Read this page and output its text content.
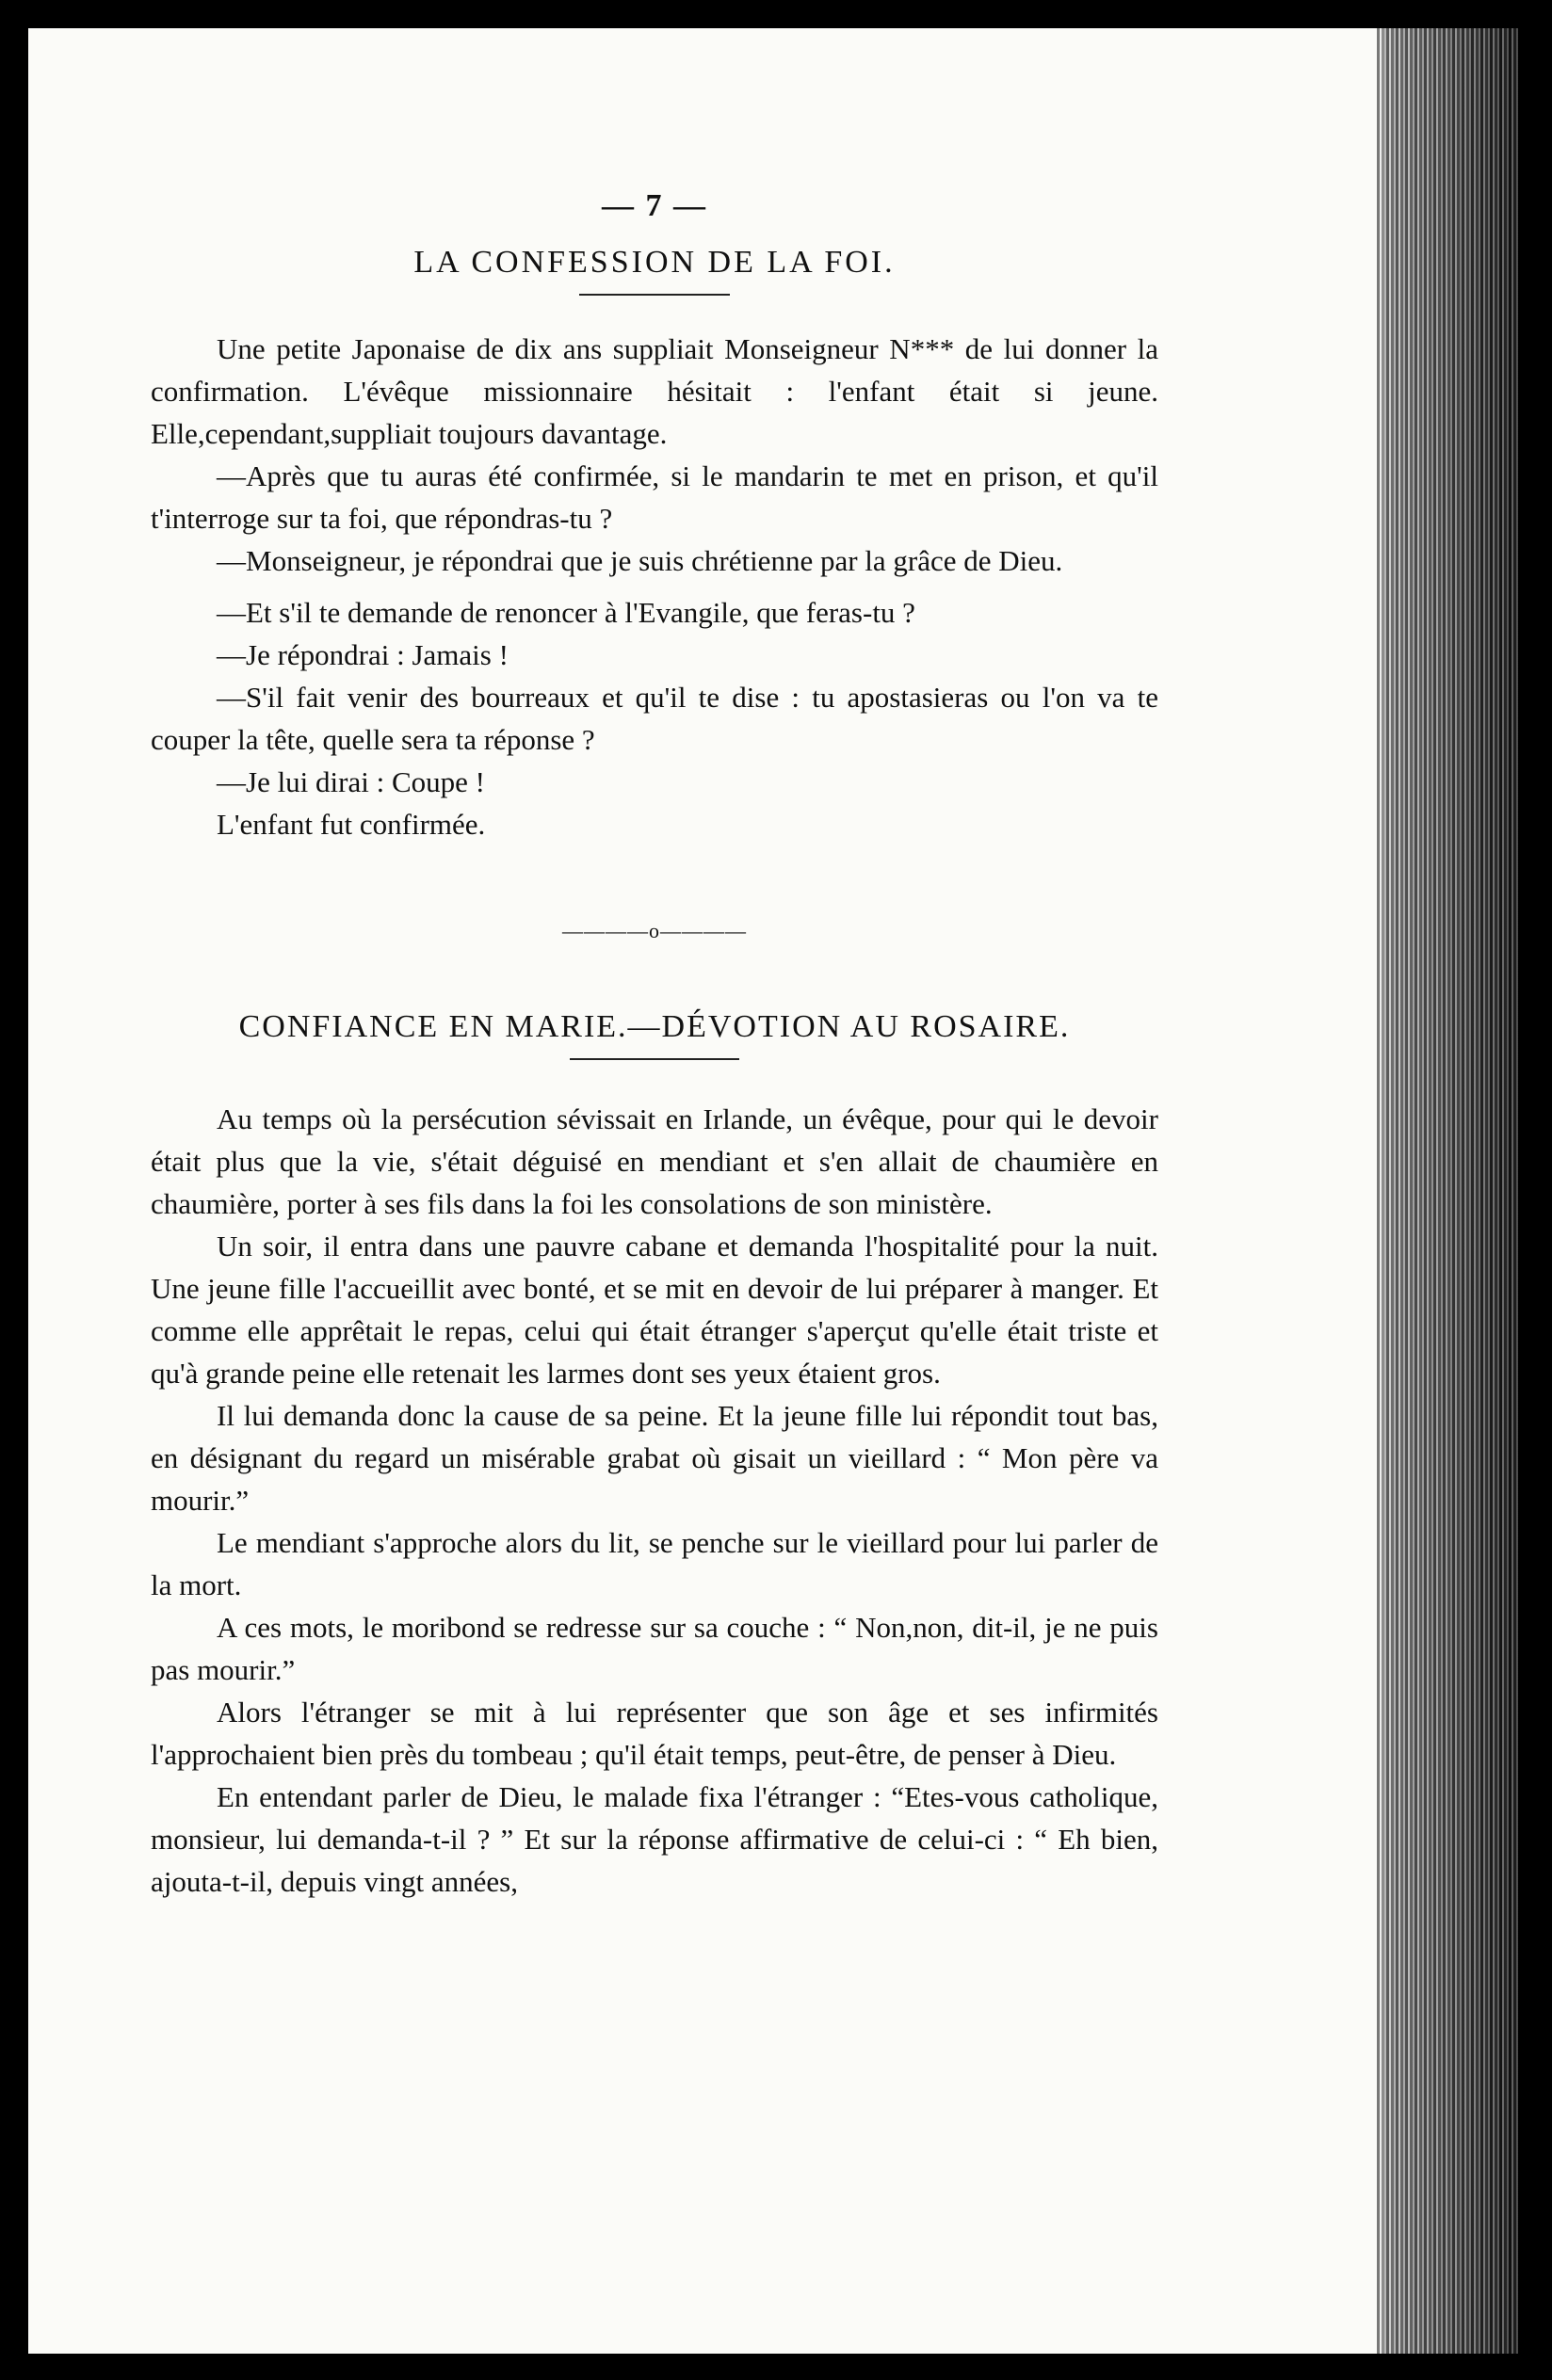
— 7 —
LA CONFESSION DE LA FOI.

Une petite Japonaise de dix ans suppliait Monseigneur N*** de lui donner la confirmation. L'évêque missionnaire hésitait : l'enfant était si jeune. Elle,cependant,suppliait toujours davantage.

—Après que tu auras été confirmée, si le mandarin te met en prison, et qu'il t'interroge sur ta foi, que répondras-tu ?

—Monseigneur, je répondrai que je suis chrétienne par la grâce de Dieu.

—Et s'il te demande de renoncer à l'Evangile, que feras-tu ?

—Je répondrai : Jamais !

—S'il fait venir des bourreaux et qu'il te dise : tu apostasieras ou l'on va te couper la tête, quelle sera ta réponse ?

—Je lui dirai : Coupe !

L'enfant fut confirmée.

————o————
CONFIANCE EN MARIE.—DÉVOTION AU ROSAIRE.

Au temps où la persécution sévissait en Irlande, un évêque, pour qui le devoir était plus que la vie, s'était déguisé en mendiant et s'en allait de chaumière en chaumière, porter à ses fils dans la foi les consolations de son ministère.

Un soir, il entra dans une pauvre cabane et demanda l'hospitalité pour la nuit. Une jeune fille l'accueillit avec bonté, et se mit en devoir de lui préparer à manger. Et comme elle apprêtait le repas, celui qui était étranger s'aperçut qu'elle était triste et qu'à grande peine elle retenait les larmes dont ses yeux étaient gros.

Il lui demanda donc la cause de sa peine. Et la jeune fille lui répondit tout bas, en désignant du regard un misérable grabat où gisait un vieillard : “ Mon père va mourir.”

Le mendiant s'approche alors du lit, se penche sur le vieillard pour lui parler de la mort.

A ces mots, le moribond se redresse sur sa couche : “ Non,non, dit-il, je ne puis pas mourir.”

Alors l'étranger se mit à lui représenter que son âge et ses infirmités l'approchaient bien près du tombeau ; qu'il était temps, peut-être, de penser à Dieu.

En entendant parler de Dieu, le malade fixa l'étranger : “Etes-vous catholique, monsieur, lui demanda-t-il ? ” Et sur la réponse affirmative de celui-ci : “ Eh bien, ajouta-t-il, depuis vingt années,
